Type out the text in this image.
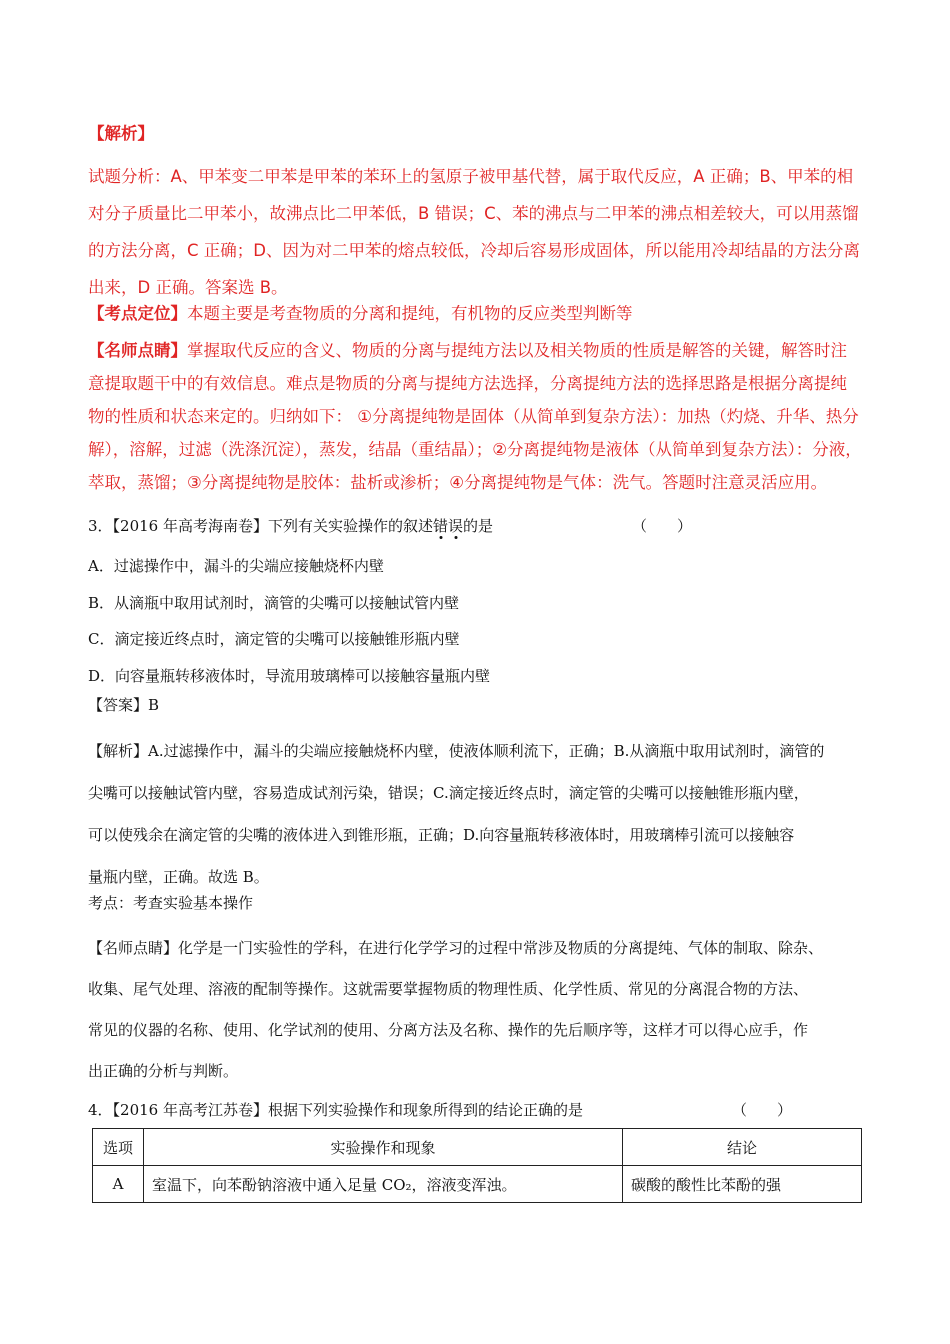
【解析】
试题分析：A、甲苯变二甲苯是甲苯的苯环上的氢原子被甲基代替，属于取代反应，A 正确；B、甲苯的相
对分子质量比二甲苯小，故沸点比二甲苯低，B 错误；C、苯的沸点与二甲苯的沸点相差较大，可以用蒸馏
的方法分离，C 正确；D、因为对二甲苯的熔点较低，冷却后容易形成固体，所以能用冷却结晶的方法分离
出来，D 正确。答案选 B。
【考点定位】本题主要是考查物质的分离和提纯，有机物的反应类型判断等
【名师点睛】掌握取代反应的含义、物质的分离与提纯方法以及相关物质的性质是解答的关键，解答时注
意提取题干中的有效信息。难点是物质的分离与提纯方法选择，分离提纯方法的选择思路是根据分离提纯
物的性质和状态来定的。归纳如下： ①分离提纯物是固体（从简单到复杂方法）：加热（灼烧、升华、热分
解），溶解，过滤（洗涤沉淀），蒸发，结晶（重结晶）；②分离提纯物是液体（从简单到复杂方法）：分液，
萃取，蒸馏；③分离提纯物是胶体：盐析或渗析；④分离提纯物是气体：洗气。答题时注意灵活应用。
3．【2016 年高考海南卷】下列有关实验操作的叙述错误的是	（　　）
A．过滤操作中，漏斗的尖端应接触烧杯内壁
B．从滴瓶中取用试剂时，滴管的尖嘴可以接触试管内壁
C．滴定接近终点时，滴定管的尖嘴可以接触锥形瓶内壁
D．向容量瓶转移液体时，导流用玻璃棒可以接触容量瓶内壁
【答案】B
【解析】A.过滤操作中，漏斗的尖端应接触烧杯内壁，使液体顺利流下，正确；B.从滴瓶中取用试剂时，滴管的
尖嘴可以接触试管内壁，容易造成试剂污染，错误；C.滴定接近终点时，滴定管的尖嘴可以接触锥形瓶内壁，
可以使残余在滴定管的尖嘴的液体进入到锥形瓶，正确；D.向容量瓶转移液体时，用玻璃棒引流可以接触容
量瓶内壁，正确。故选 B。
考点：考查实验基本操作
【名师点睛】化学是一门实验性的学科，在进行化学学习的过程中常涉及物质的分离提纯、气体的制取、除杂、
收集、尾气处理、溶液的配制等操作。这就需要掌握物质的物理性质、化学性质、常见的分离混合物的方法、
常见的仪器的名称、使用、化学试剂的使用、分离方法及名称、操作的先后顺序等，这样才可以得心应手，作
出正确的分析与判断。
4．【2016 年高考江苏卷】根据下列实验操作和现象所得到的结论正确的是	（　　）
选项	实验操作和现象	结论
A	室温下，向苯酚钠溶液中通入足量 CO₂，溶液变浑浊。	碳酸的酸性比苯酚的强
